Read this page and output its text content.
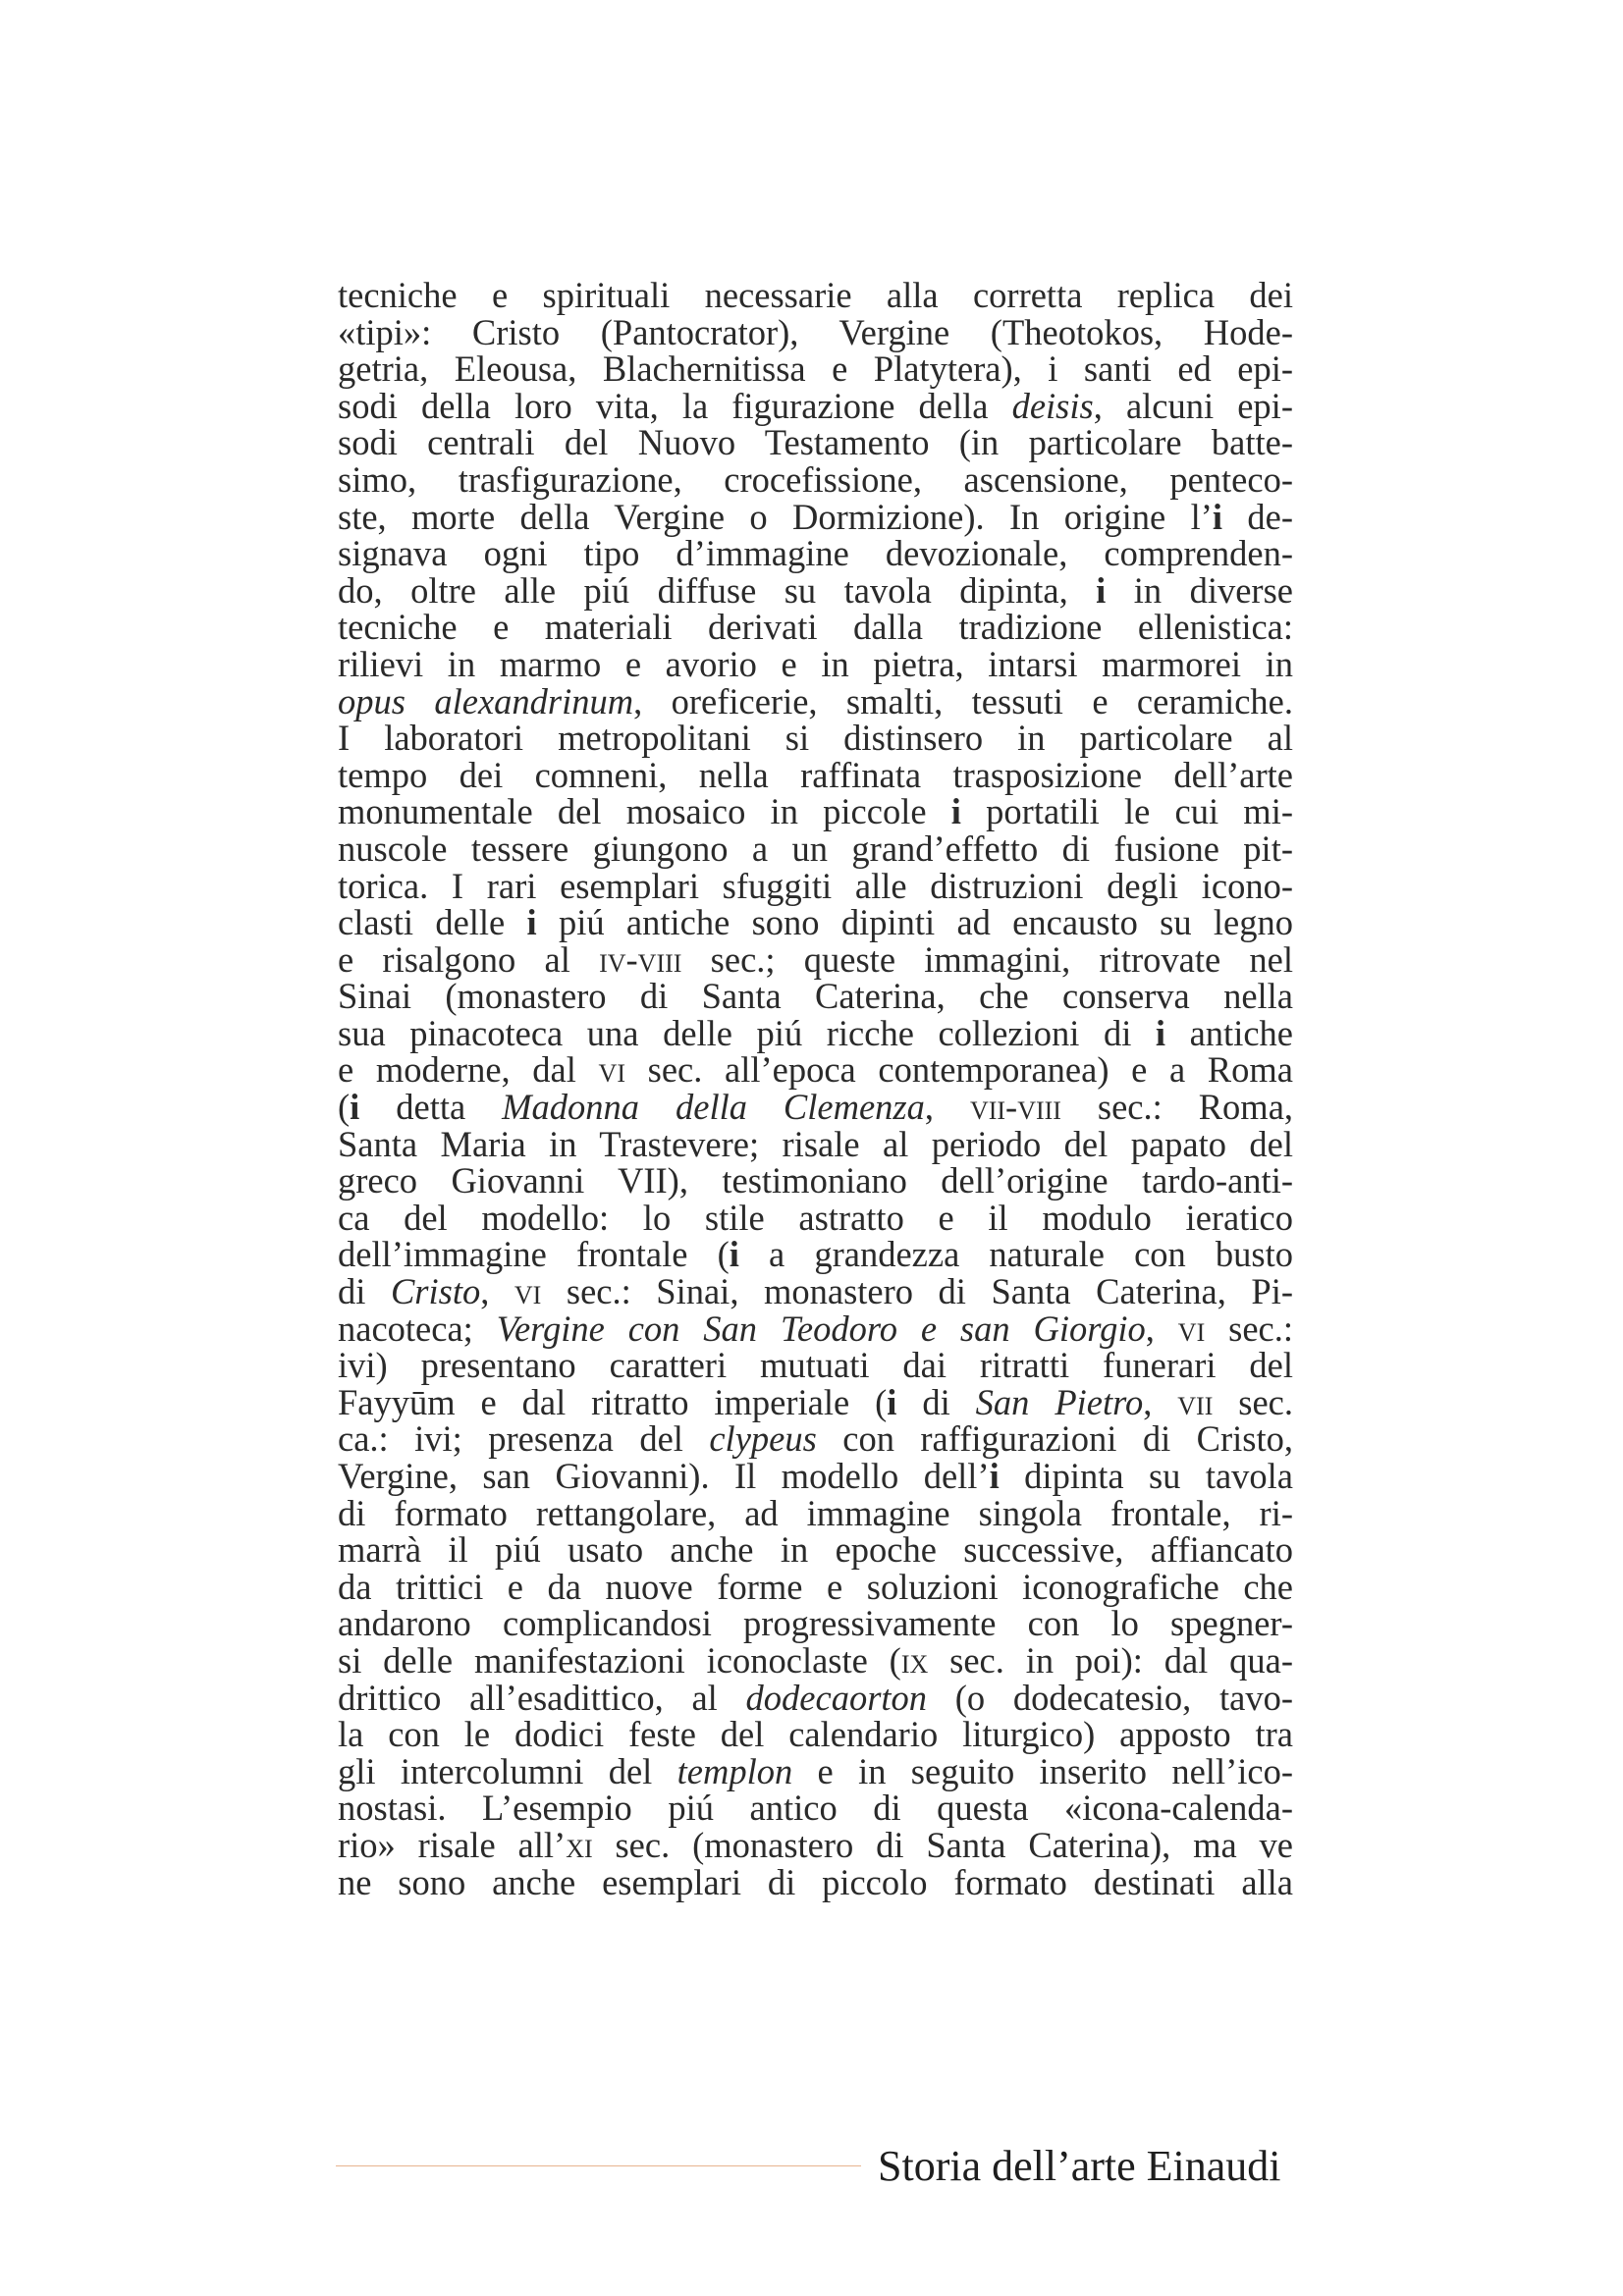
tecniche e spirituali necessarie alla corretta replica dei
«tipi»: Cristo (Pantocrator), Vergine (Theotokos, Hode-
getria, Eleousa, Blachernitissa e Platytera), i santi ed epi-
sodi della loro vita, la figurazione della deisis, alcuni epi-
sodi centrali del Nuovo Testamento (in particolare batte-
simo, trasfigurazione, crocefissione, ascensione, penteco-
ste, morte della Vergine o Dormizione). In origine l’i de-
signava ogni tipo d’immagine devozionale, comprenden-
do, oltre alle piú diffuse su tavola dipinta, i in diverse
tecniche e materiali derivati dalla tradizione ellenistica:
rilievi in marmo e avorio e in pietra, intarsi marmorei in
opus alexandrinum, oreficerie, smalti, tessuti e ceramiche.
I laboratori metropolitani si distinsero in particolare al
tempo dei comneni, nella raffinata trasposizione dell’arte
monumentale del mosaico in piccole i portatili le cui mi-
nuscole tessere giungono a un grand’effetto di fusione pit-
torica. I rari esemplari sfuggiti alle distruzioni degli icono-
clasti delle i piú antiche sono dipinti ad encausto su legno
e risalgono al iv-viii sec.; queste immagini, ritrovate nel
Sinai (monastero di Santa Caterina, che conserva nella
sua pinacoteca una delle piú ricche collezioni di i antiche
e moderne, dal vi sec. all’epoca contemporanea) e a Roma
(i detta Madonna della Clemenza, vii-viii sec.: Roma,
Santa Maria in Trastevere; risale al periodo del papato del
greco Giovanni VII), testimoniano dell’origine tardo-anti-
ca del modello: lo stile astratto e il modulo ieratico
dell’immagine frontale (i a grandezza naturale con busto
di Cristo, vi sec.: Sinai, monastero di Santa Caterina, Pi-
nacoteca; Vergine con San Teodoro e san Giorgio, vi sec.:
ivi) presentano caratteri mutuati dai ritratti funerari del
Fayyūm e dal ritratto imperiale (i di San Pietro, vii sec.
ca.: ivi; presenza del clypeus con raffigurazioni di Cristo,
Vergine, san Giovanni). Il modello dell’i dipinta su tavola
di formato rettangolare, ad immagine singola frontale, ri-
marrà il piú usato anche in epoche successive, affiancato
da trittici e da nuove forme e soluzioni iconografiche che
andarono complicandosi progressivamente con lo spegner-
si delle manifestazioni iconoclaste (ix sec. in poi): dal qua-
drittico all’esadittico, al dodecaorton (o dodecatesio, tavo-
la con le dodici feste del calendario liturgico) apposto tra
gli intercolumni del templon e in seguito inserito nell’ico-
nostasi. L’esempio piú antico di questa «icona-calenda-
rio» risale all’xi sec. (monastero di Santa Caterina), ma ve
ne sono anche esemplari di piccolo formato destinati alla
Storia dell’arte Einaudi
